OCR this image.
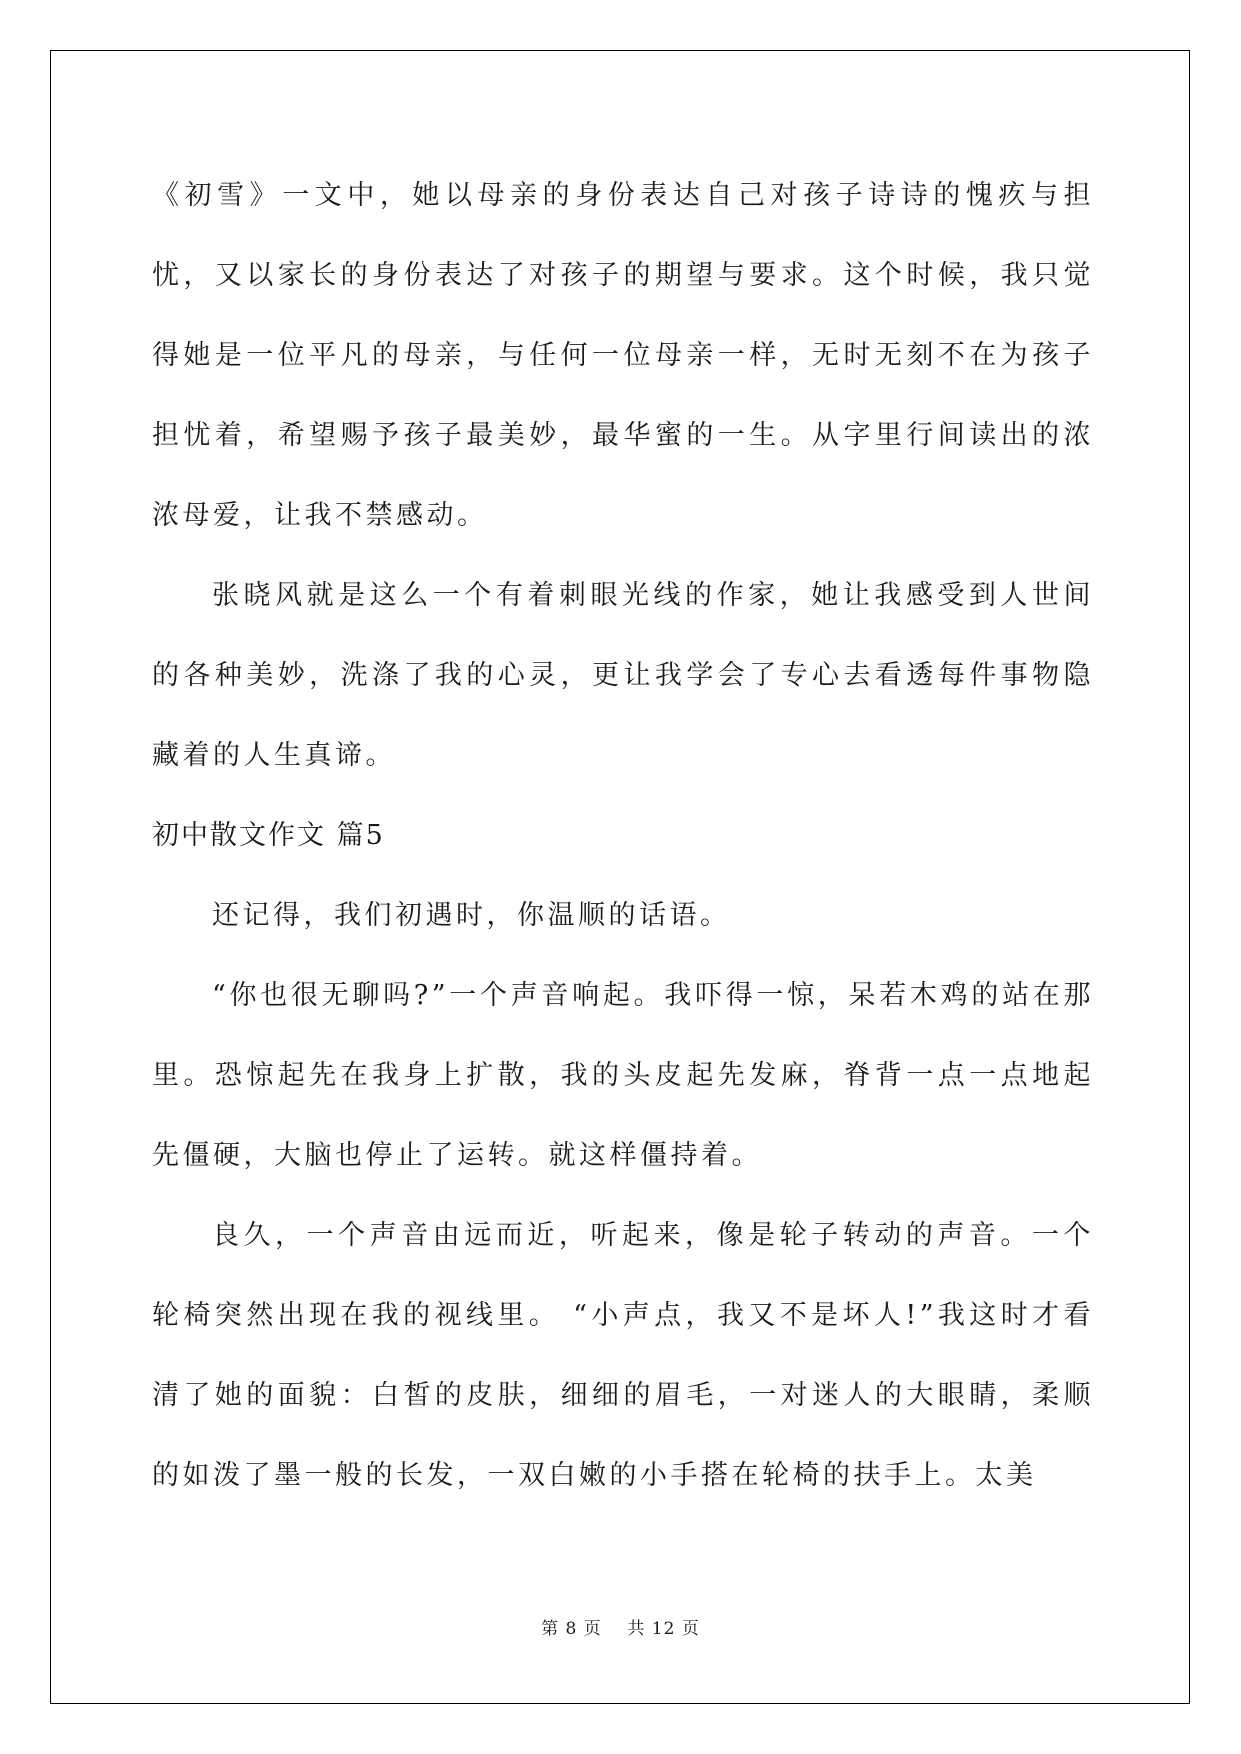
《初雪》一文中，她以母亲的身份表达自己对孩子诗诗的愧疚与担忧，又以家长的身份表达了对孩子的期望与要求。这个时候，我只觉得她是一位平凡的母亲，与任何一位母亲一样，无时无刻不在为孩子担忧着，希望赐予孩子最美妙，最华蜜的一生。从字里行间读出的浓浓母爱，让我不禁感动。

张晓风就是这么一个有着刺眼光线的作家，她让我感受到人世间的各种美妙，洗涤了我的心灵，更让我学会了专心去看透每件事物隐藏着的人生真谛。

初中散文作文 篇5

还记得，我们初遇时，你温顺的话语。

“你也很无聊吗?”一个声音响起。我吓得一惊，呆若木鸡的站在那里。恐惊起先在我身上扩散，我的头皮起先发麻，脊背一点一点地起先僵硬，大脑也停止了运转。就这样僵持着。

良久，一个声音由远而近，听起来，像是轮子转动的声音。一个轮椅突然出现在我的视线里。 “小声点，我又不是坏人!”我这时才看清了她的面貌：白皙的皮肤，细细的眉毛，一对迷人的大眼睛，柔顺的如泼了墨一般的长发，一双白嫩的小手搭在轮椅的扶手上。太美

第 8 页    共 12 页
